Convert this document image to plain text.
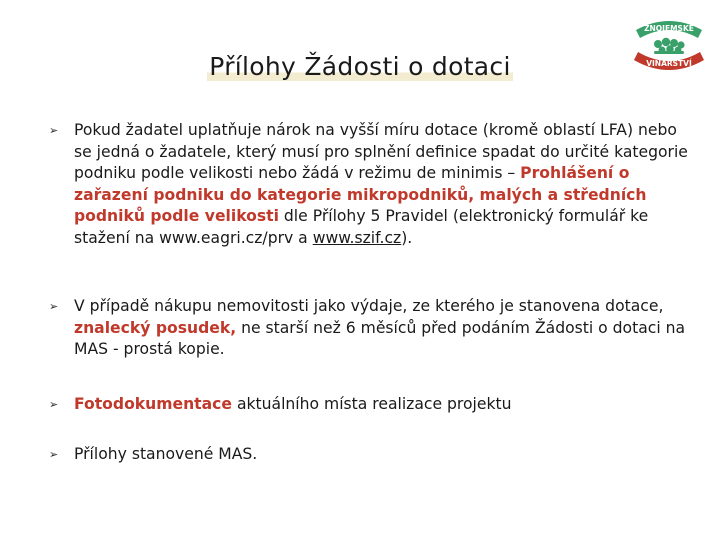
Přílohy Žádosti o dotaci
ZNOJEMSKÉ
VINAŘSTVÍ
➢	Pokud žadatel uplatňuje nárok na vyšší míru dotace (kromě oblastí LFA) nebo se jedná o žadatele, který musí pro splnění definice spadat do určité kategorie podniku podle velikosti nebo žádá v režimu de minimis – Prohlášení o zařazení podniku do kategorie mikropodniků, malých a středních podniků podle velikosti dle Přílohy 5 Pravidel (elektronický formulář ke stažení na www.eagri.cz/prv a www.szif.cz).
➢	V případě nákupu nemovitosti jako výdaje, ze kterého je stanovena dotace, znalecký posudek, ne starší než 6 měsíců před podáním Žádosti o dotaci na MAS - prostá kopie.
➢	Fotodokumentace aktuálního místa realizace projektu
➢	Přílohy stanovené MAS.
